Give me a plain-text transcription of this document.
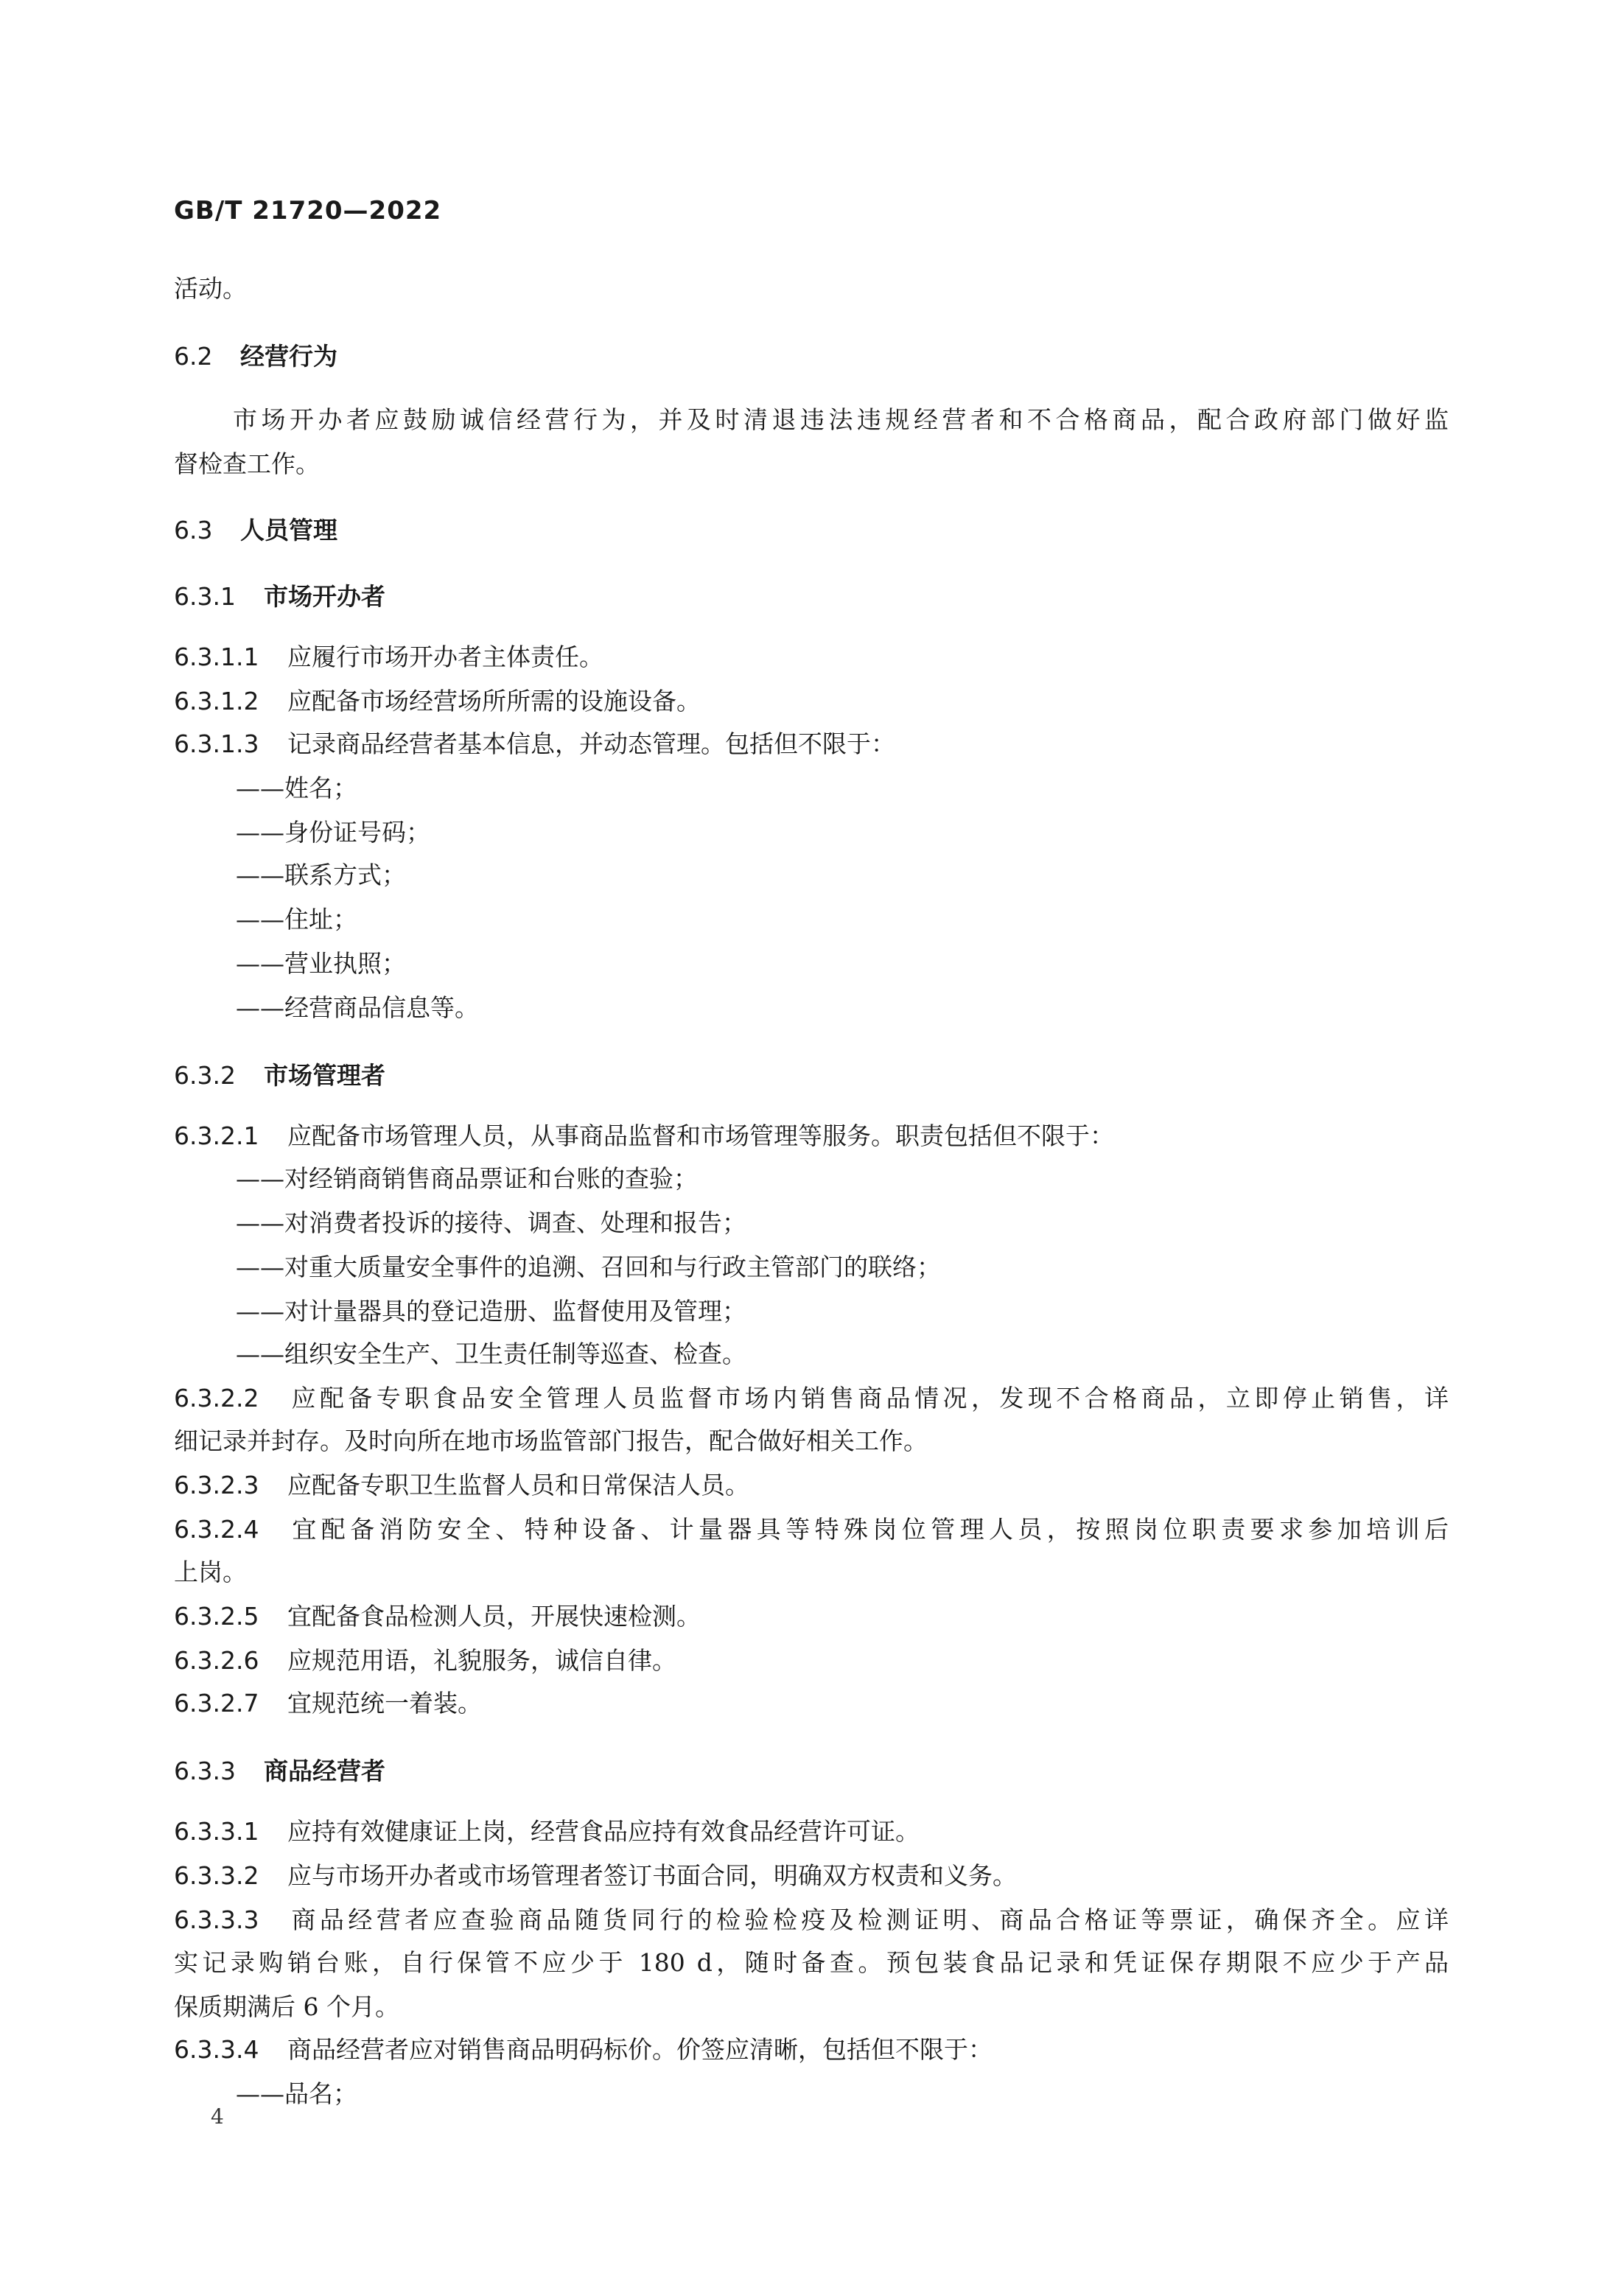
GB/T 21720—2022
活动。
6.2 经营行为
市场开办者应鼓励诚信经营行为，并及时清退违法违规经营者和不合格商品，配合政府部门做好监
督检查工作。
6.3 人员管理
6.3.1 市场开办者
6.3.1.1 应履行市场开办者主体责任。
6.3.1.2 应配备市场经营场所所需的设施设备。
6.3.1.3 记录商品经营者基本信息，并动态管理。包括但不限于：
——姓名；
——身份证号码；
——联系方式；
——住址；
——营业执照；
——经营商品信息等。
6.3.2 市场管理者
6.3.2.1 应配备市场管理人员，从事商品监督和市场管理等服务。职责包括但不限于：
——对经销商销售商品票证和台账的查验；
——对消费者投诉的接待、调查、处理和报告；
——对重大质量安全事件的追溯、召回和与行政主管部门的联络；
——对计量器具的登记造册、监督使用及管理；
——组织安全生产、卫生责任制等巡查、检查。
6.3.2.2 应配备专职食品安全管理人员监督市场内销售商品情况，发现不合格商品，立即停止销售，详
细记录并封存。及时向所在地市场监管部门报告，配合做好相关工作。
6.3.2.3 应配备专职卫生监督人员和日常保洁人员。
6.3.2.4 宜配备消防安全、特种设备、计量器具等特殊岗位管理人员，按照岗位职责要求参加培训后
上岗。
6.3.2.5 宜配备食品检测人员，开展快速检测。
6.3.2.6 应规范用语，礼貌服务，诚信自律。
6.3.2.7 宜规范统一着装。
6.3.3 商品经营者
6.3.3.1 应持有效健康证上岗，经营食品应持有效食品经营许可证。
6.3.3.2 应与市场开办者或市场管理者签订书面合同，明确双方权责和义务。
6.3.3.3 商品经营者应查验商品随货同行的检验检疫及检测证明、商品合格证等票证，确保齐全。应详
实记录购销台账，自行保管不应少于 180 d，随时备查。预包装食品记录和凭证保存期限不应少于产品
保质期满后 6 个月。
6.3.3.4 商品经营者应对销售商品明码标价。价签应清晰，包括但不限于：
——品名；
4
